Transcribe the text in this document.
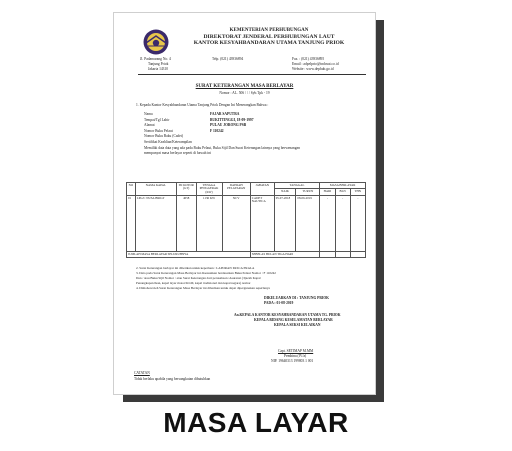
KEMENTERIAN PERHUBUNGAN
DIREKTORAT JENDERAL PERHUBUNGAN LAUT
KANTOR KESYAHBANDARAN UTAMA TANJUNG PRIOK
Jl. Padamarang No. 4
Tanjung Priok
Jakarta 14310
Telp. (021) 43936894	Fax. : (021) 43936895
Email : adpelprio@indosat.co.id
Website : www.dephub.go.id
SURAT KETERANGAN MASA BERLAYAR
Nomor : AL. 506 / / / Syb.Tpk - 19
1. Kepada Kantor Kesyahbandaran Utama Tanjung Priok Dengan Ini Menerangkan Bahwa :
Nama	FAJAR SAPUTRA
Tempat/Tgl Lahir	BUKITTINGGI, 18-09-1997
Alamat	PULAU JORONG PSB
Nomor Buku Pelaut	F 110242
Nomor Buku Baku (Cadet)
Sertifikat Keahlian/Keterampilan
Memiliki data data yang ada pada Buku Pelaut, Buku Sijil Dan Surat Keterangan lainnya yang berwenangan
mempunyai masa berlayar seperti di bawah ini
NO	NAMA KAPAL	ISI KOTOR (GT)	TENAGA PENGGERAK (KW)	DAERAH PELAYARAN	JABATAN	TANGGAL		MASA BERLAYAR		
						NAIK	TURUN	HARI	BLN	THN
01	LPG/C NUSA BRIGT	4058	1136 KW	NCV	CADET NAUTICA	05-07-2018	08-06-2019	-	-	-
JUMLAH MASA BERLAYAR SELURUHNYA					SEBELAS BULAN TIGA HARI					
2. Surat Keterangan berlayar ini diberikan untuk keperluan : LAPORAN PASCA PRALA
3. Data pada Surat Keterangan Masa Berlayar ini disesuaikan berdasarkan Buku Pelaut Nomor : F 110242
Dan / atau Buku Sijil Nomor : atau Surat Keterangan dari perusahaan /Asuransi (/Ijazah Kapal
Penangkapan Ikan, kapal layar motor/KLM, kapal tradisional dan kapal negara) nomor
4. Dimohon/oleh Surat Keterangan Masa Berlayar ini diberikan untuk dapat dipergunakan seperlunya
DIKELUARKAN DI : TANJUNG PRIOK
PADA : 01-08-2019
An.KEPALA KANTOR KESYAHBANDARAN UTAMA TG. PRIOK
KEPALA BIDANG KESELAMATAN BERLAYAR
KEPALA SEKSI KELAIKAN
Capt. SETIMAP M.MM
Pembina (IV/a)
NIP. 19640313 199803 1 001
CATATAN
Tidak berlaku apabila yang bersangkutan dibutuhkan
MASA LAYAR
